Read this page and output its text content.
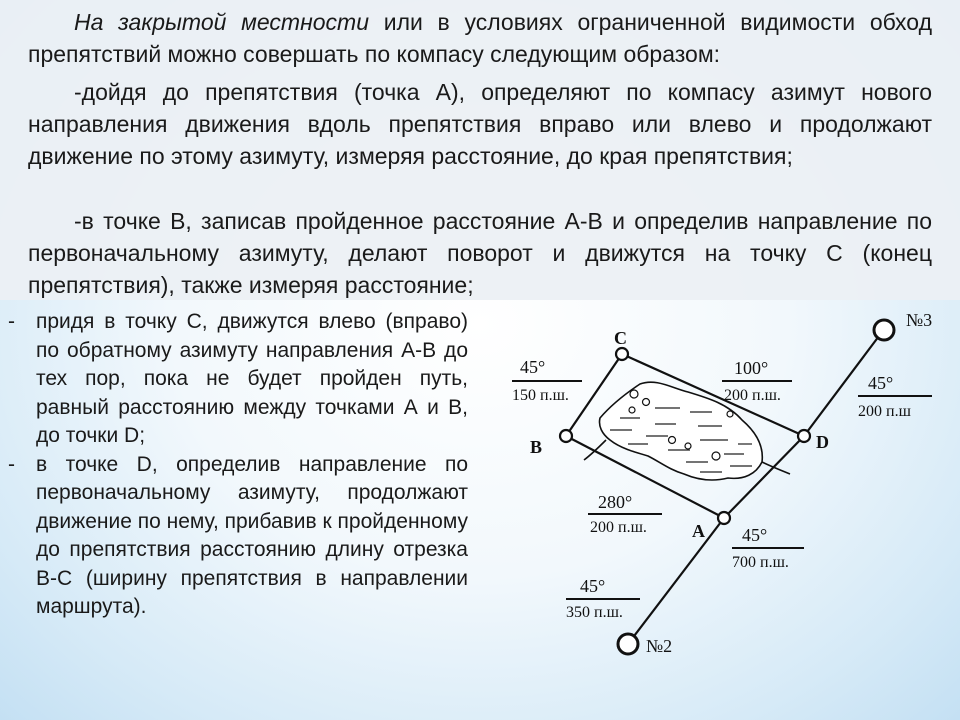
На закрытой местности или в условиях ограниченной видимости обход препятствий можно совершать по компасу следующим образом:

-дойдя до препятствия (точка А), определяют по компасу азимут нового направления движения вдоль препятствия вправо или влево и продолжают движение по этому азимуту, измеряя расстояние, до края препятствия;

-в точке В, записав пройденное расстояние А-В и определив направление по первоначальному азимуту, делают поворот и движутся на точку С (конец препятствия), также измеряя расстояние;

- придя в точку С, движутся влево (вправо) по обратному азимуту направления А-В до тех пор, пока не будет пройден путь, равный расстоянию между точками А и В, до точки D;

- в точке D, определив направление по первоначальному азимуту, продолжают движение по нему, прибавив к пройденному до препятствия расстоянию длину отрезка В-С (ширину препятствия в направлении маршрута).

A
B
C
D
№2
№3
45°
150 п.ш.
100°
200 п.ш.
45°
200 п.ш
280°
200 п.ш.	45°
700 п.ш.
45°
350 п.ш.
